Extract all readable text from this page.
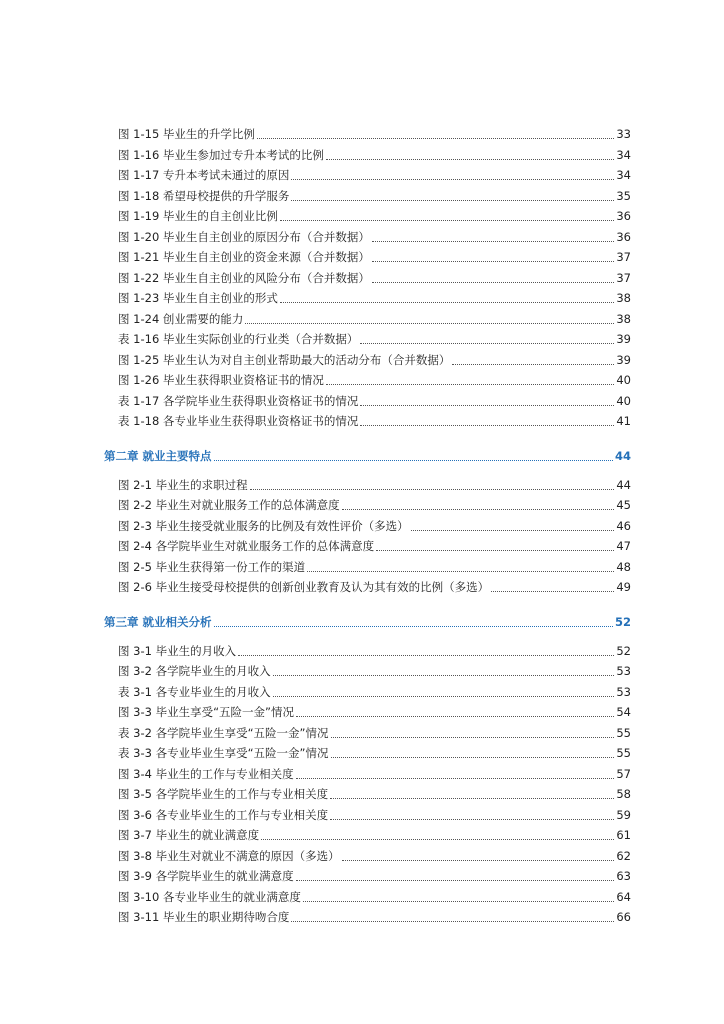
图 1-15 毕业生的升学比例	33
图 1-16 毕业生参加过专升本考试的比例	34
图 1-17 专升本考试未通过的原因	34
图 1-18 希望母校提供的升学服务	35
图 1-19 毕业生的自主创业比例	36
图 1-20 毕业生自主创业的原因分布（合并数据）	36
图 1-21 毕业生自主创业的资金来源（合并数据）	37
图 1-22 毕业生自主创业的风险分布（合并数据）	37
图 1-23 毕业生自主创业的形式	38
图 1-24 创业需要的能力	38
表 1-16 毕业生实际创业的行业类（合并数据）	39
图 1-25 毕业生认为对自主创业帮助最大的活动分布（合并数据）	39
图 1-26 毕业生获得职业资格证书的情况	40
表 1-17 各学院毕业生获得职业资格证书的情况	40
表 1-18 各专业毕业生获得职业资格证书的情况	41
第二章 就业主要特点	44
图 2-1 毕业生的求职过程	44
图 2-2 毕业生对就业服务工作的总体满意度	45
图 2-3 毕业生接受就业服务的比例及有效性评价（多选）	46
图 2-4 各学院毕业生对就业服务工作的总体满意度	47
图 2-5 毕业生获得第一份工作的渠道	48
图 2-6 毕业生接受母校提供的创新创业教育及认为其有效的比例（多选）	49
第三章 就业相关分析	52
图 3-1 毕业生的月收入	52
图 3-2 各学院毕业生的月收入	53
表 3-1 各专业毕业生的月收入	53
图 3-3 毕业生享受“五险一金”情况	54
表 3-2 各学院毕业生享受“五险一金”情况	55
表 3-3 各专业毕业生享受“五险一金”情况	55
图 3-4 毕业生的工作与专业相关度	57
图 3-5 各学院毕业生的工作与专业相关度	58
图 3-6 各专业毕业生的工作与专业相关度	59
图 3-7 毕业生的就业满意度	61
图 3-8 毕业生对就业不满意的原因（多选）	62
图 3-9 各学院毕业生的就业满意度	63
图 3-10 各专业毕业生的就业满意度	64
图 3-11 毕业生的职业期待吻合度	66
